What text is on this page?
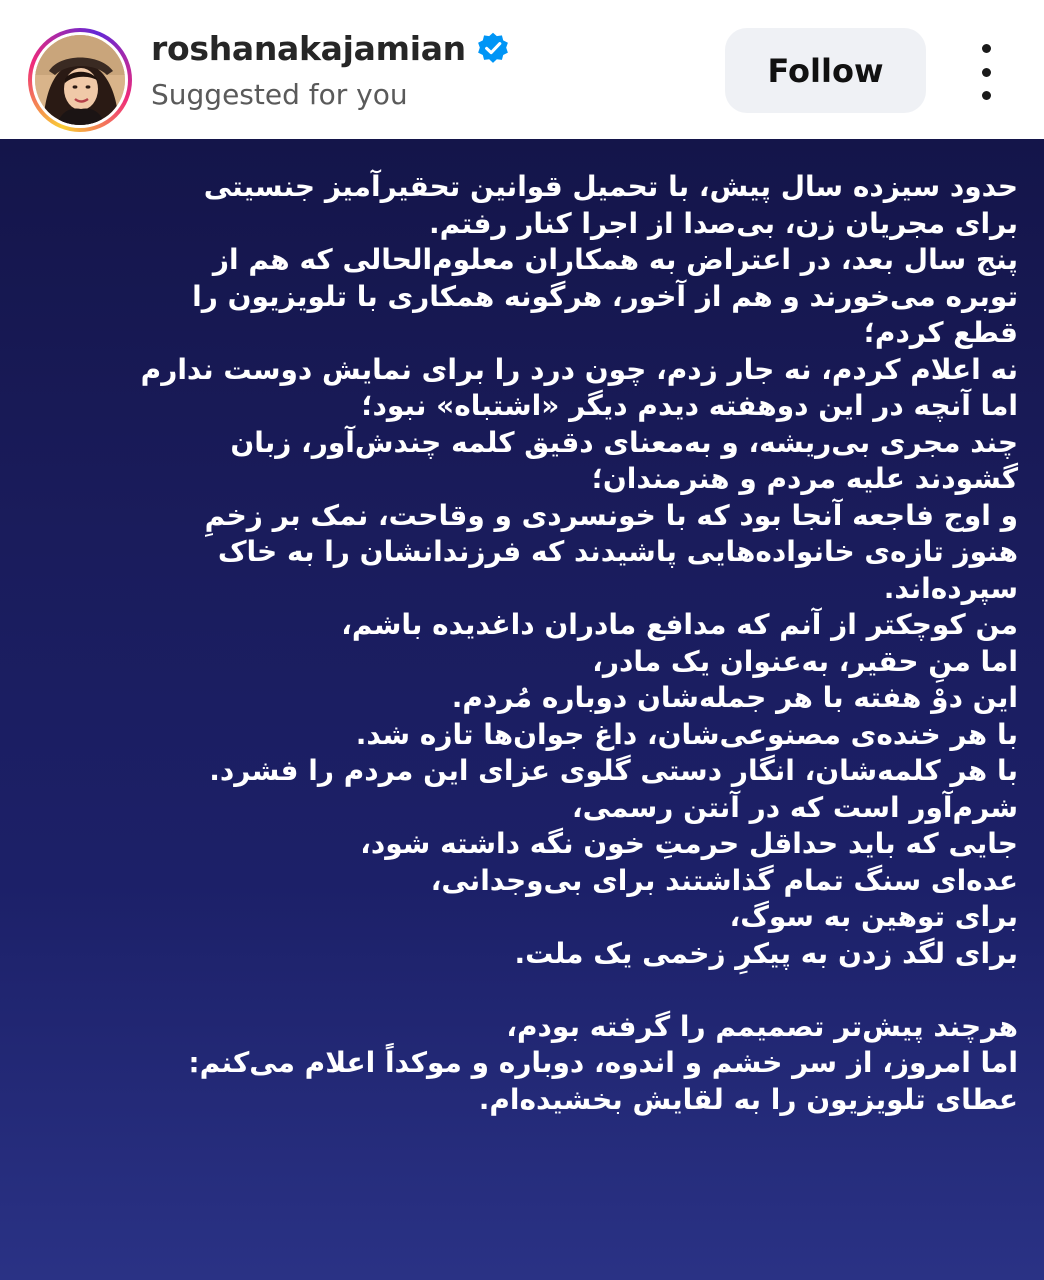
roshanakajamian
Suggested for you
Follow
حدود سیزده سال پیش، با تحمیل قوانین تحقیرآمیز جنسیتی
برای مجریان زن، بی‌صدا از اجرا کنار رفتم.
پنج سال بعد، در اعتراض به همکاران معلوم‌الحالی که هم از
توبره می‌خورند و هم از آخور، هرگونه همکاری با تلویزیون را
قطع کردم؛
نه اعلام کردم، نه جار زدم، چون درد را برای نمایش دوست ندارم
اما آنچه در این دوهفته دیدم دیگر «اشتباه» نبود؛
چند مجری بی‌ریشه، و به‌معنای دقیق کلمه چندش‌آور، زبان
گشودند علیه مردم و هنرمندان؛
و اوج فاجعه آنجا بود که با خونسردی و وقاحت، نمک بر زخمِ
هنوز تازه‌ی خانواده‌هایی پاشیدند که فرزندانشان را به خاک
سپرده‌اند.
من کوچکتر از آنم که مدافع مادران داغدیده باشم،
اما منِ حقیر، به‌عنوان یک مادر،
این دوْ هفته با هر جمله‌شان دوباره مُردم.
با هر خنده‌ی مصنوعی‌شان، داغ جوان‌ها تازه شد.
با هر کلمه‌شان، انگار دستی گلوی عزای این مردم را فشرد.
شرم‌آور است که در آنتن رسمی،
جایی که باید حداقل حرمتِ خون نگه داشته شود،
عده‌ای سنگ تمام گذاشتند برای بی‌وجدانی،
برای توهین به سوگ،
برای لگد زدن به پیکرِ زخمی یک ملت.
هرچند پیش‌تر تصمیمم را گرفته بودم،
اما امروز، از سر خشم و اندوه، دوباره و موکداً اعلام می‌کنم:
عطای تلویزیون را به لقایش بخشیده‌ام.
